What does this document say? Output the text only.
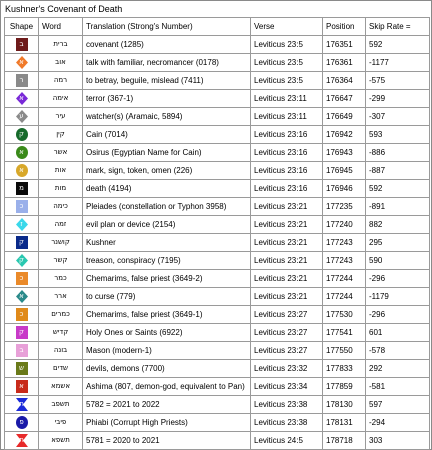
Kushner's Covenant of Death
Shape	Word	Translation (Strong's Number)	Verse	Position	Skip Rate =

ב	ברית	covenant (1285)	Leviticus 23:5	176351	592

א	אוב	talk with familiar, necromancer (0178)	Leviticus 23:5	176361	-1177

ר	רמה	to betray, beguile, mislead (7411)	Leviticus 23:5	176364	-575

א	אימה	terror (367-1)	Leviticus 23:11	176647	-299

ע	עיר	watcher(s) (Aramaic, 5894)	Leviticus 23:11	176649	-307

ק	קין	Cain (7014)	Leviticus 23:16	176942	593

א	אשר	Osirus (Egyptian Name for Cain)	Leviticus 23:16	176943	-886

א	אות	mark, sign, token, omen (226)	Leviticus 23:16	176945	-887

מ	מות	death (4194)	Leviticus 23:16	176946	592

כ	כימה	Pleiades (constellation or Typhon 3958)	Leviticus 23:21	177235	-891

ז	זמה	evil plan or device (2154)	Leviticus 23:21	177240	882

ק	קושנר	Kushner	Leviticus 23:21	177243	295

ק	קשר	treason, conspiracy (7195)	Leviticus 23:21	177243	590

כ	כמר	Chemarims, false priest (3649-2)	Leviticus 23:21	177244	-296

א	ארר	to curse (779)	Leviticus 23:21	177244	-1179

כ	כמרים	Chemarims, false priest (3649-1)	Leviticus 23:27	177530	-296

ק	קדיש	Holy Ones or Saints (6922)	Leviticus 23:27	177541	601

ב	בונה	Mason (modern-1)	Leviticus 23:27	177550	-578

ש	שדים	devils, demons (7700)	Leviticus 23:32	177833	292

א	אשמא	Ashima (807, demon-god, equivalent to Pan)	Leviticus 23:34	177859	-581

ת	תשפב	5782 = 2021 to 2022	Leviticus 23:38	178130	597

פ	פיבי	Phiabi (Corrupt High Priests)	Leviticus 23:38	178131	-294

ת	תשפא	5781 = 2020 to 2021	Leviticus 24:5	178718	303
